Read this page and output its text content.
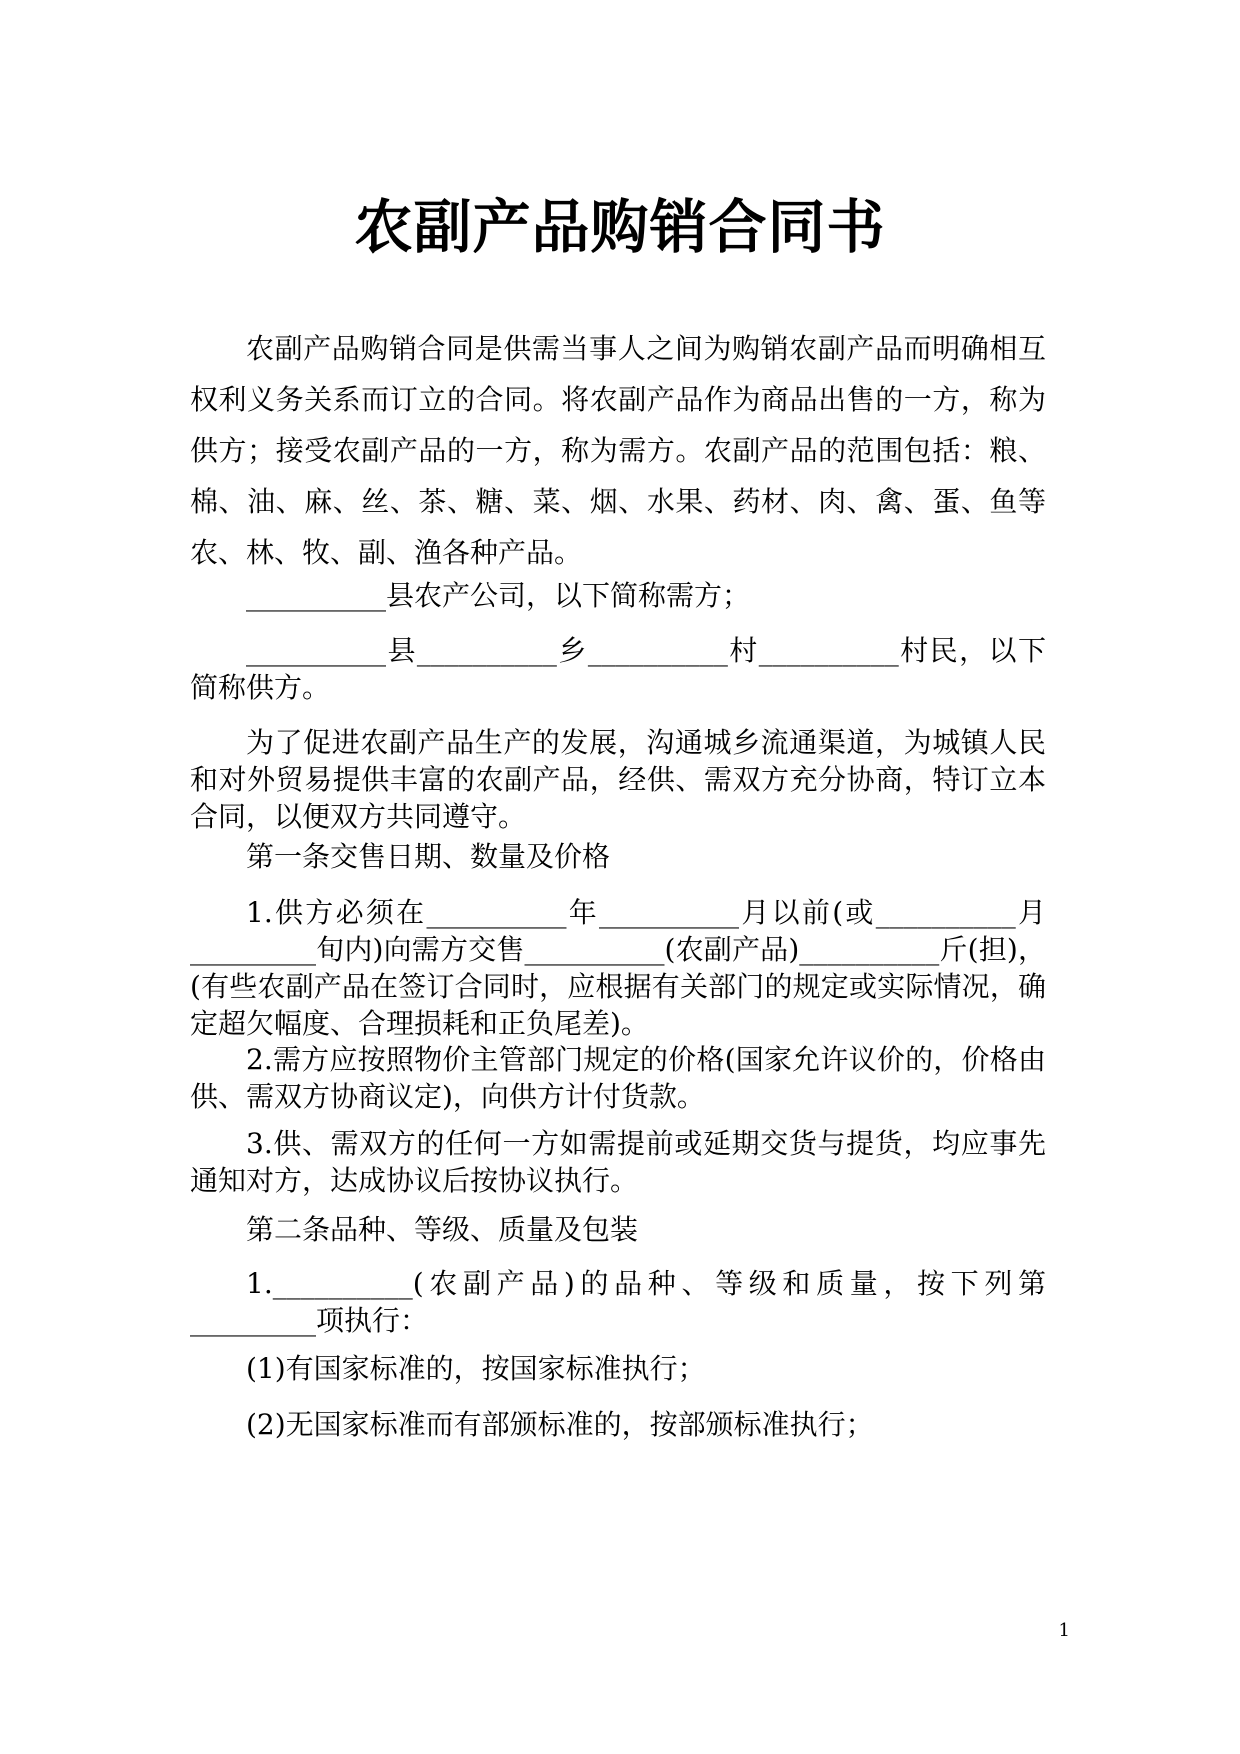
农副产品购销合同书

农副产品购销合同是供需当事人之间为购销农副产品而明确相互权利义务关系而订立的合同。将农副产品作为商品出售的一方，称为供方；接受农副产品的一方，称为需方。农副产品的范围包括：粮、棉、油、麻、丝、茶、糖、菜、烟、水果、药材、肉、禽、蛋、鱼等农、林、牧、副、渔各种产品。

__________县农产公司，以下简称需方；

__________县__________乡__________村__________村民，以下简称供方。

为了促进农副产品生产的发展，沟通城乡流通渠道，为城镇人民和对外贸易提供丰富的农副产品，经供、需双方充分协商，特订立本合同，以便双方共同遵守。

第一条交售日期、数量及价格

1.供方必须在__________年__________月以前(或__________月_________旬内)向需方交售__________(农副产品)__________斤(担)，(有些农副产品在签订合同时，应根据有关部门的规定或实际情况，确定超欠幅度、合理损耗和正负尾差)。

2.需方应按照物价主管部门规定的价格(国家允许议价的，价格由供、需双方协商议定)，向供方计付货款。

3.供、需双方的任何一方如需提前或延期交货与提货，均应事先通知对方，达成协议后按协议执行。

第二条品种、等级、质量及包装

1.__________(农副产品)的品种、等级和质量，按下列第_________项执行：

(1)有国家标准的，按国家标准执行；

(2)无国家标准而有部颁标准的，按部颁标准执行；

1
